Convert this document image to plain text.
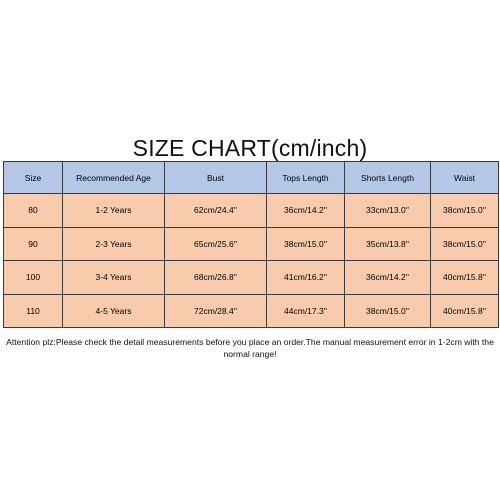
SIZE CHART(cm/inch)
Size	Recommended Age	Bust	Tops Length	Shorts Length	Waist
80	1-2 Years	62cm/24.4''	36cm/14.2''	33cm/13.0''	38cm/15.0''
90	2-3 Years	65cm/25.6''	38cm/15.0''	35cm/13.8''	38cm/15.0''
100	3-4 Years	68cm/26.8''	41cm/16.2''	36cm/14.2''	40cm/15.8''
110	4-5 Years	72cm/28.4''	44cm/17.3''	38cm/15.0''	40cm/15.8''
Attention plz:Please check the detail measurements before you place an order.The manual measurement error in 1-2cm with the normal range!
